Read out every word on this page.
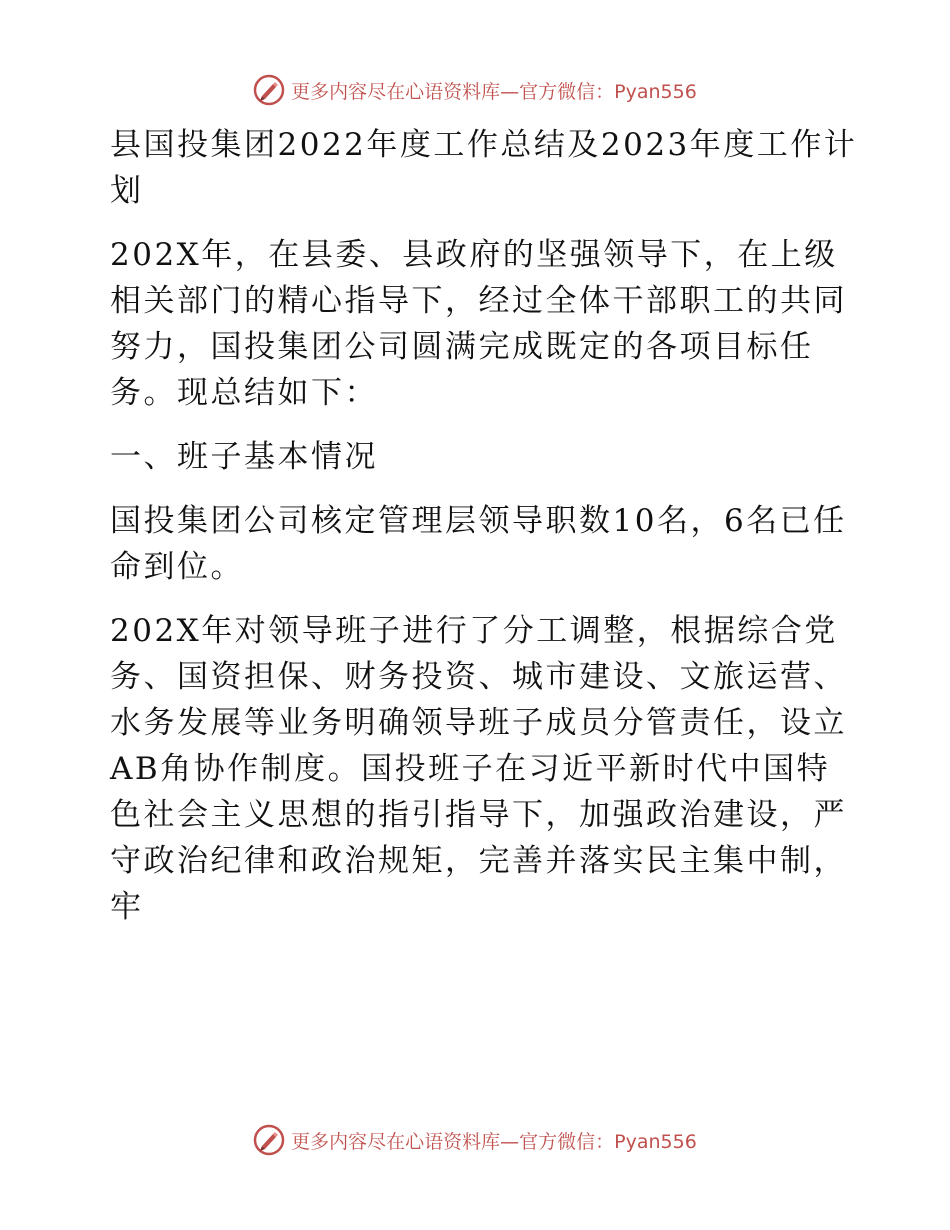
更多内容尽在心语资料库—官方微信：Pyan556

县国投集团2022年度工作总结及2023年度工作计划

202X年，在县委、县政府的坚强领导下，在上级相关部门的精心指导下，经过全体干部职工的共同努力，国投集团公司圆满完成既定的各项目标任务。现总结如下：

一、班子基本情况

国投集团公司核定管理层领导职数10名，6名已任命到位。

202X年对领导班子进行了分工调整，根据综合党务、国资担保、财务投资、城市建设、文旅运营、水务发展等业务明确领导班子成员分管责任，设立AB角协作制度。国投班子在习近平新时代中国特色社会主义思想的指引指导下，加强政治建设，严守政治纪律和政治规矩，完善并落实民主集中制，牢

更多内容尽在心语资料库—官方微信：Pyan556
